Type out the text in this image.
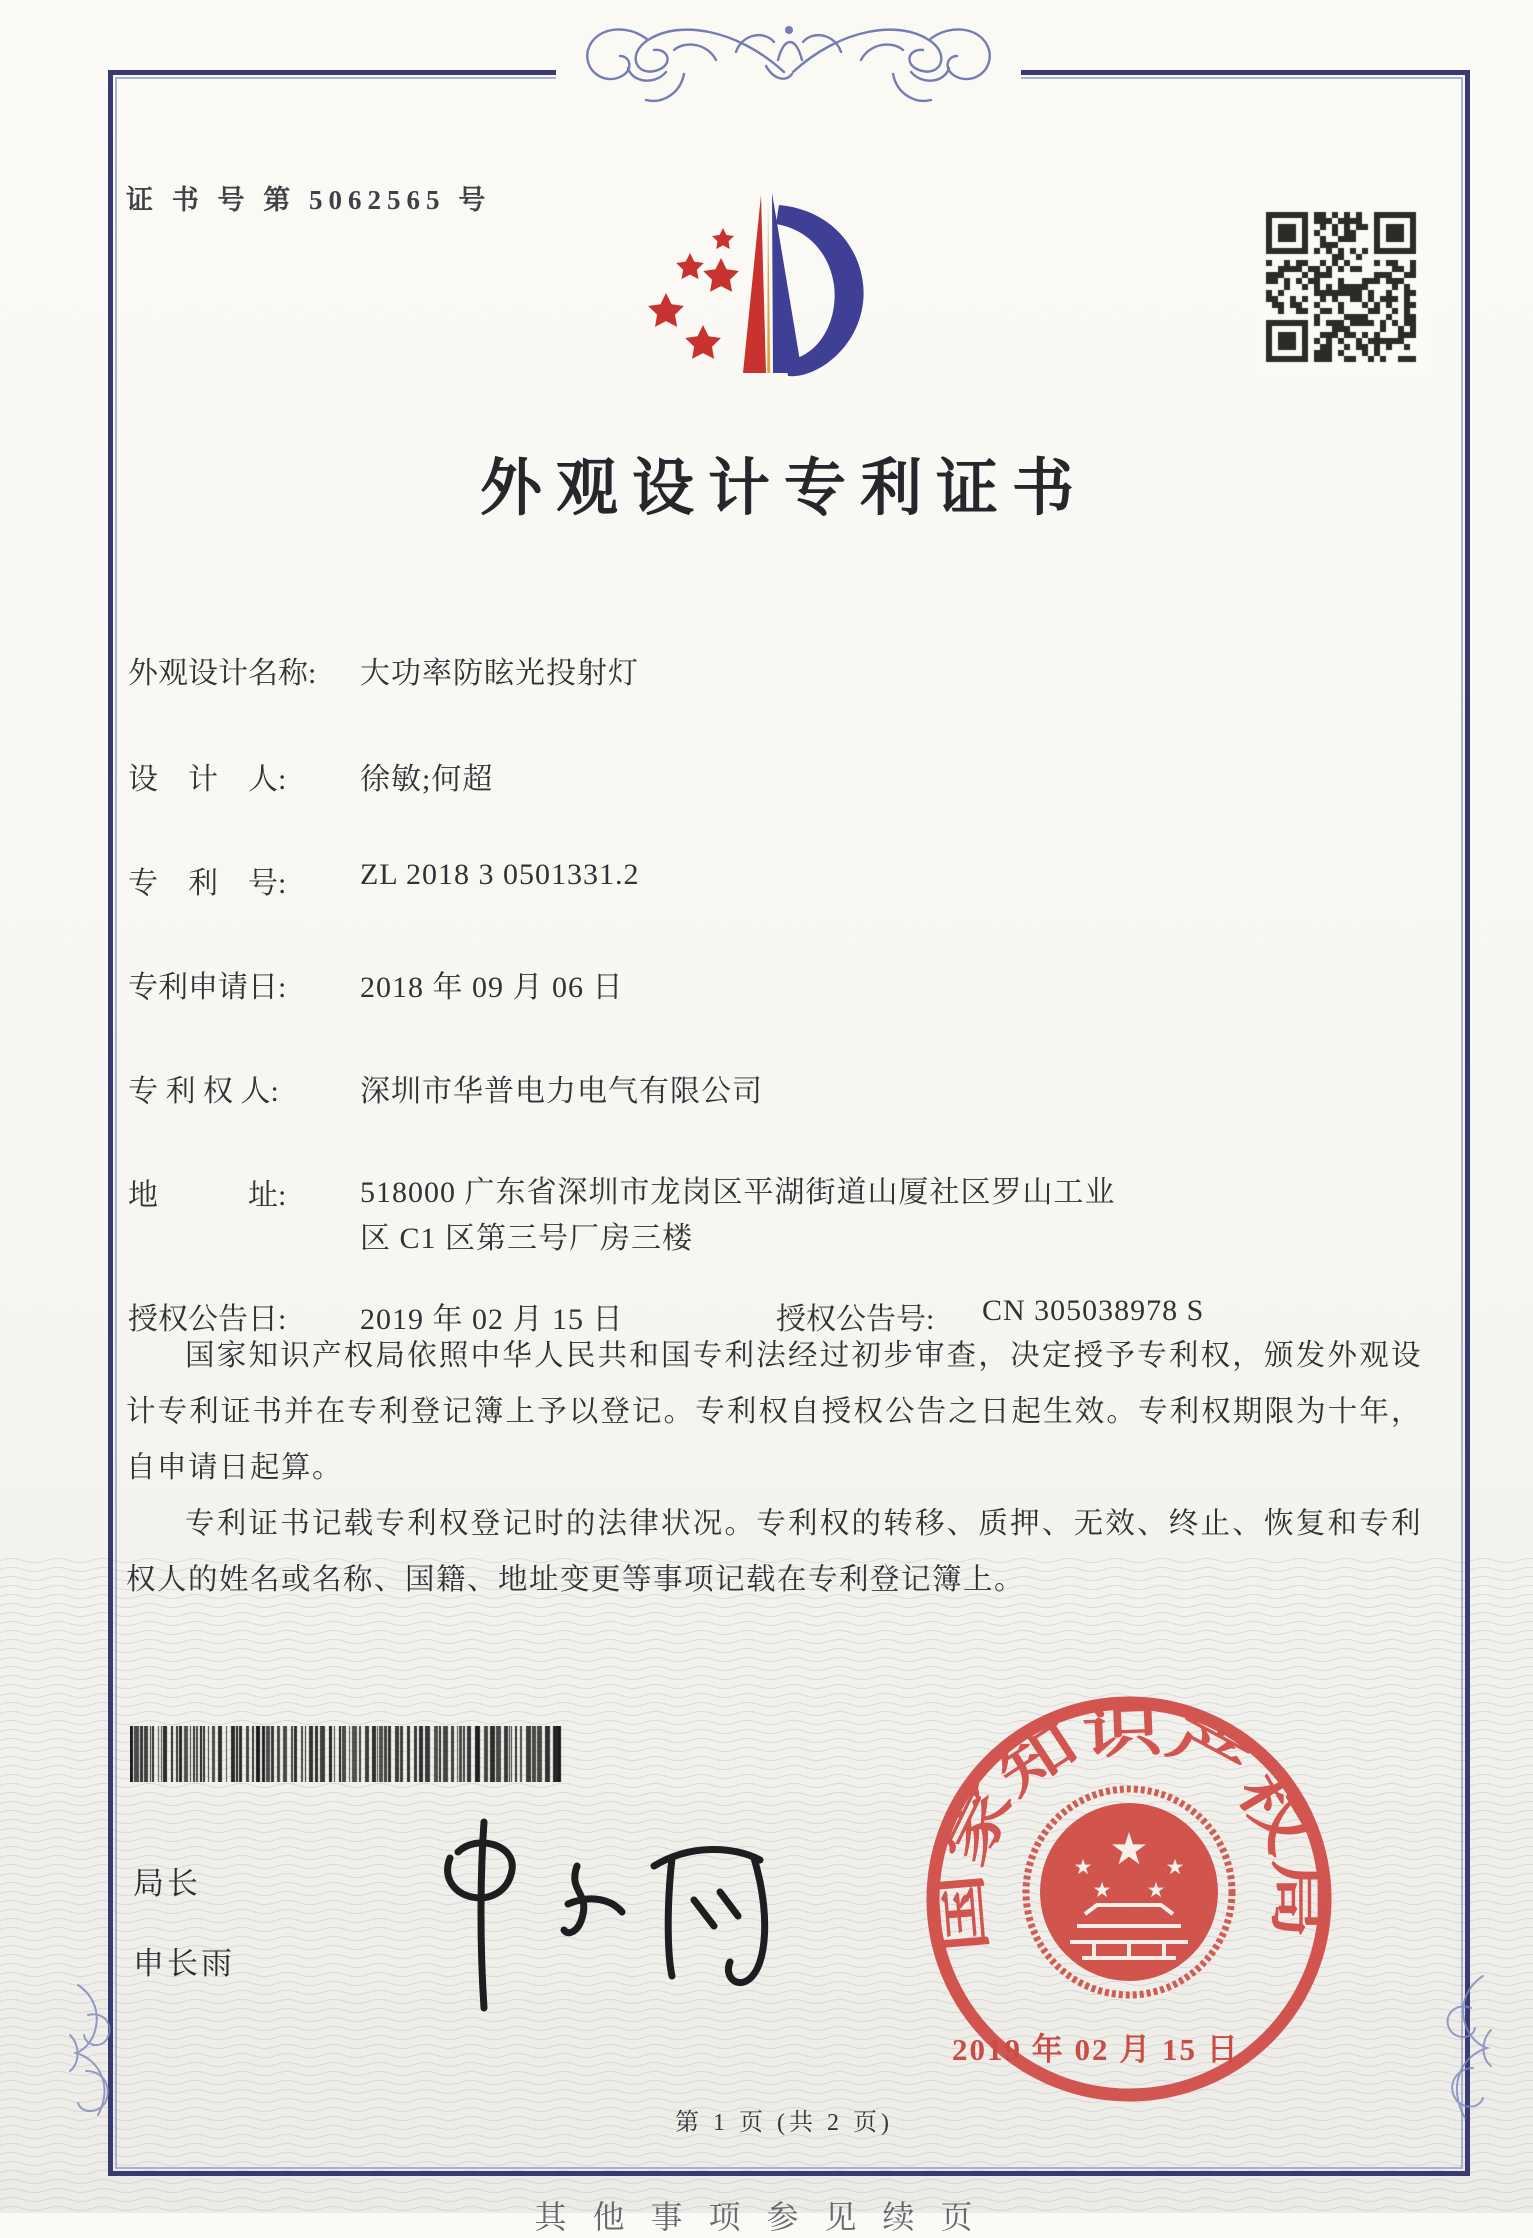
证 书 号 第 5062565 号
外观设计专利证书
外观设计名称:	大功率防眩光投射灯
设　计　人:	徐敏;何超
专　利　号:	ZL 2018 3 0501331.2
专利申请日:	2018 年 09 月 06 日
专 利 权 人:	深圳市华普电力电气有限公司
地　　　址:	518000 广东省深圳市龙岗区平湖街道山厦社区罗山工业区 C1 区第三号厂房三楼
授权公告日:	2019 年 02 月 15 日	授权公告号:	CN 305038978 S

国家知识产权局依照中华人民共和国专利法经过初步审查，决定授予专利权，颁发外观设计专利证书并在专利登记簿上予以登记。专利权自授权公告之日起生效。专利权期限为十年，自申请日起算。

专利证书记载专利权登记时的法律状况。专利权的转移、质押、无效、终止、恢复和专利权人的姓名或名称、国籍、地址变更等事项记载在专利登记簿上。

局长
申长雨
国家知识产权局
★
★	★
★ ★
2019 年 02 月 15 日
第 1 页 (共 2 页)
其他事项参见续页
